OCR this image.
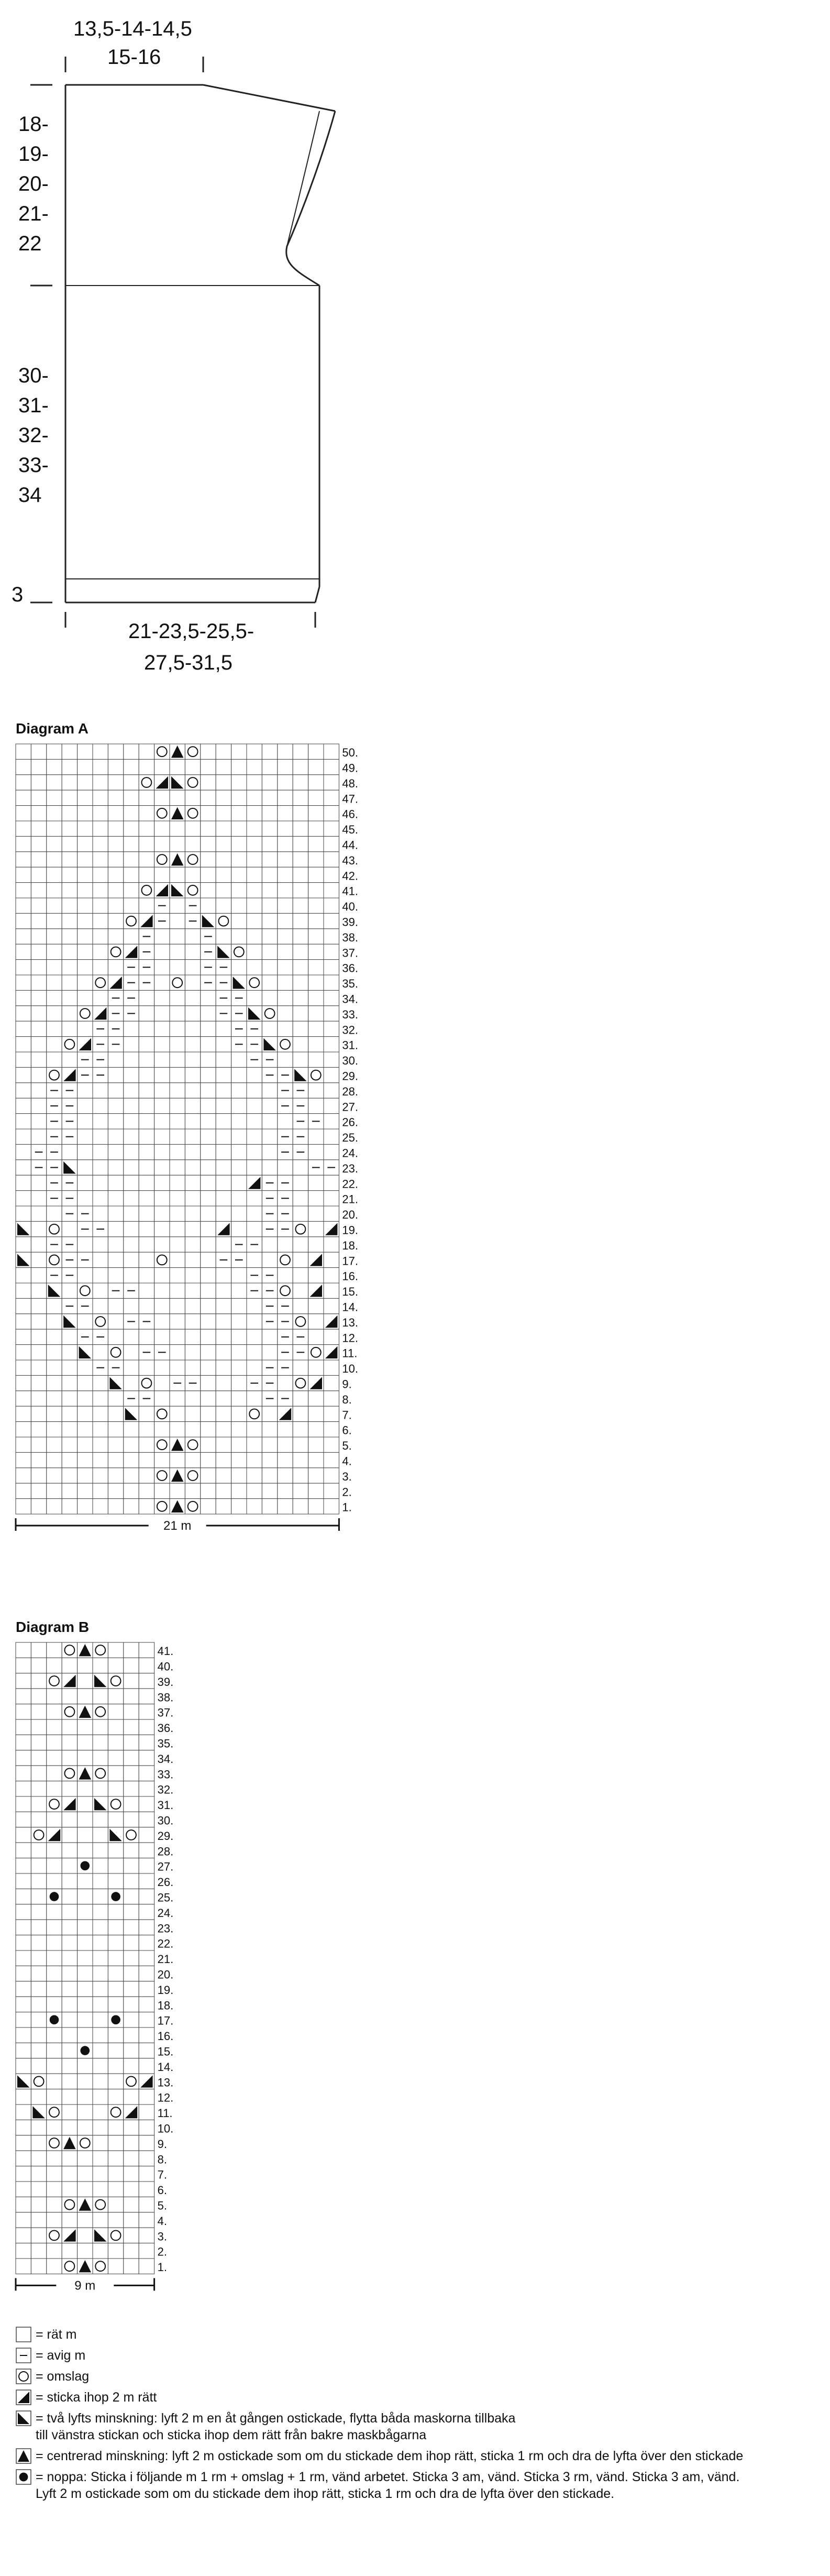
13,5-14-14,5
15-16
18-
19-
20-
21-
22
30-
31-
32-
33-
34
3
21-23,5-25,5-
27,5-31,5
Diagram A
50.
49.
48.
47.
46.
45.
44.
43.
42.
41.
40.
39.
38.
37.
36.
35.
34.
33.
32.
31.
30.
29.
28.
27.
26.
25.
24.
23.
22.
21.
20.
19.
18.
17.
16.
15.
14.
13.
12.
11.
10.
9.
8.
7.
6.
5.
4.
3.
2.
1.
21 m
Diagram B
41.
40.
39.
38.
37.
36.
35.
34.
33.
32.
31.
30.
29.
28.
27.
26.
25.
24.
23.
22.
21.
20.
19.
18.
17.
16.
15.
14.
13.
12.
11.
10.
9.
8.
7.
6.
5.
4.
3.
2.
1.
9 m
= rät m
= avig m
= omslag
= sticka ihop 2 m rätt
= två lyfts minskning: lyft 2 m en åt gången ostickade, flytta båda maskorna tillbaka
till vänstra stickan och sticka ihop dem rätt från bakre maskbågarna
= centrerad minskning: lyft 2 m ostickade som om du stickade dem ihop rätt, sticka 1 rm och dra de lyfta över den stickade
= noppa: Sticka i följande m 1 rm + omslag + 1 rm, vänd arbetet. Sticka 3 am, vänd. Sticka 3 rm, vänd. Sticka 3 am, vänd.
Lyft 2 m ostickade som om du stickade dem ihop rätt, sticka 1 rm och dra de lyfta över den stickade.
